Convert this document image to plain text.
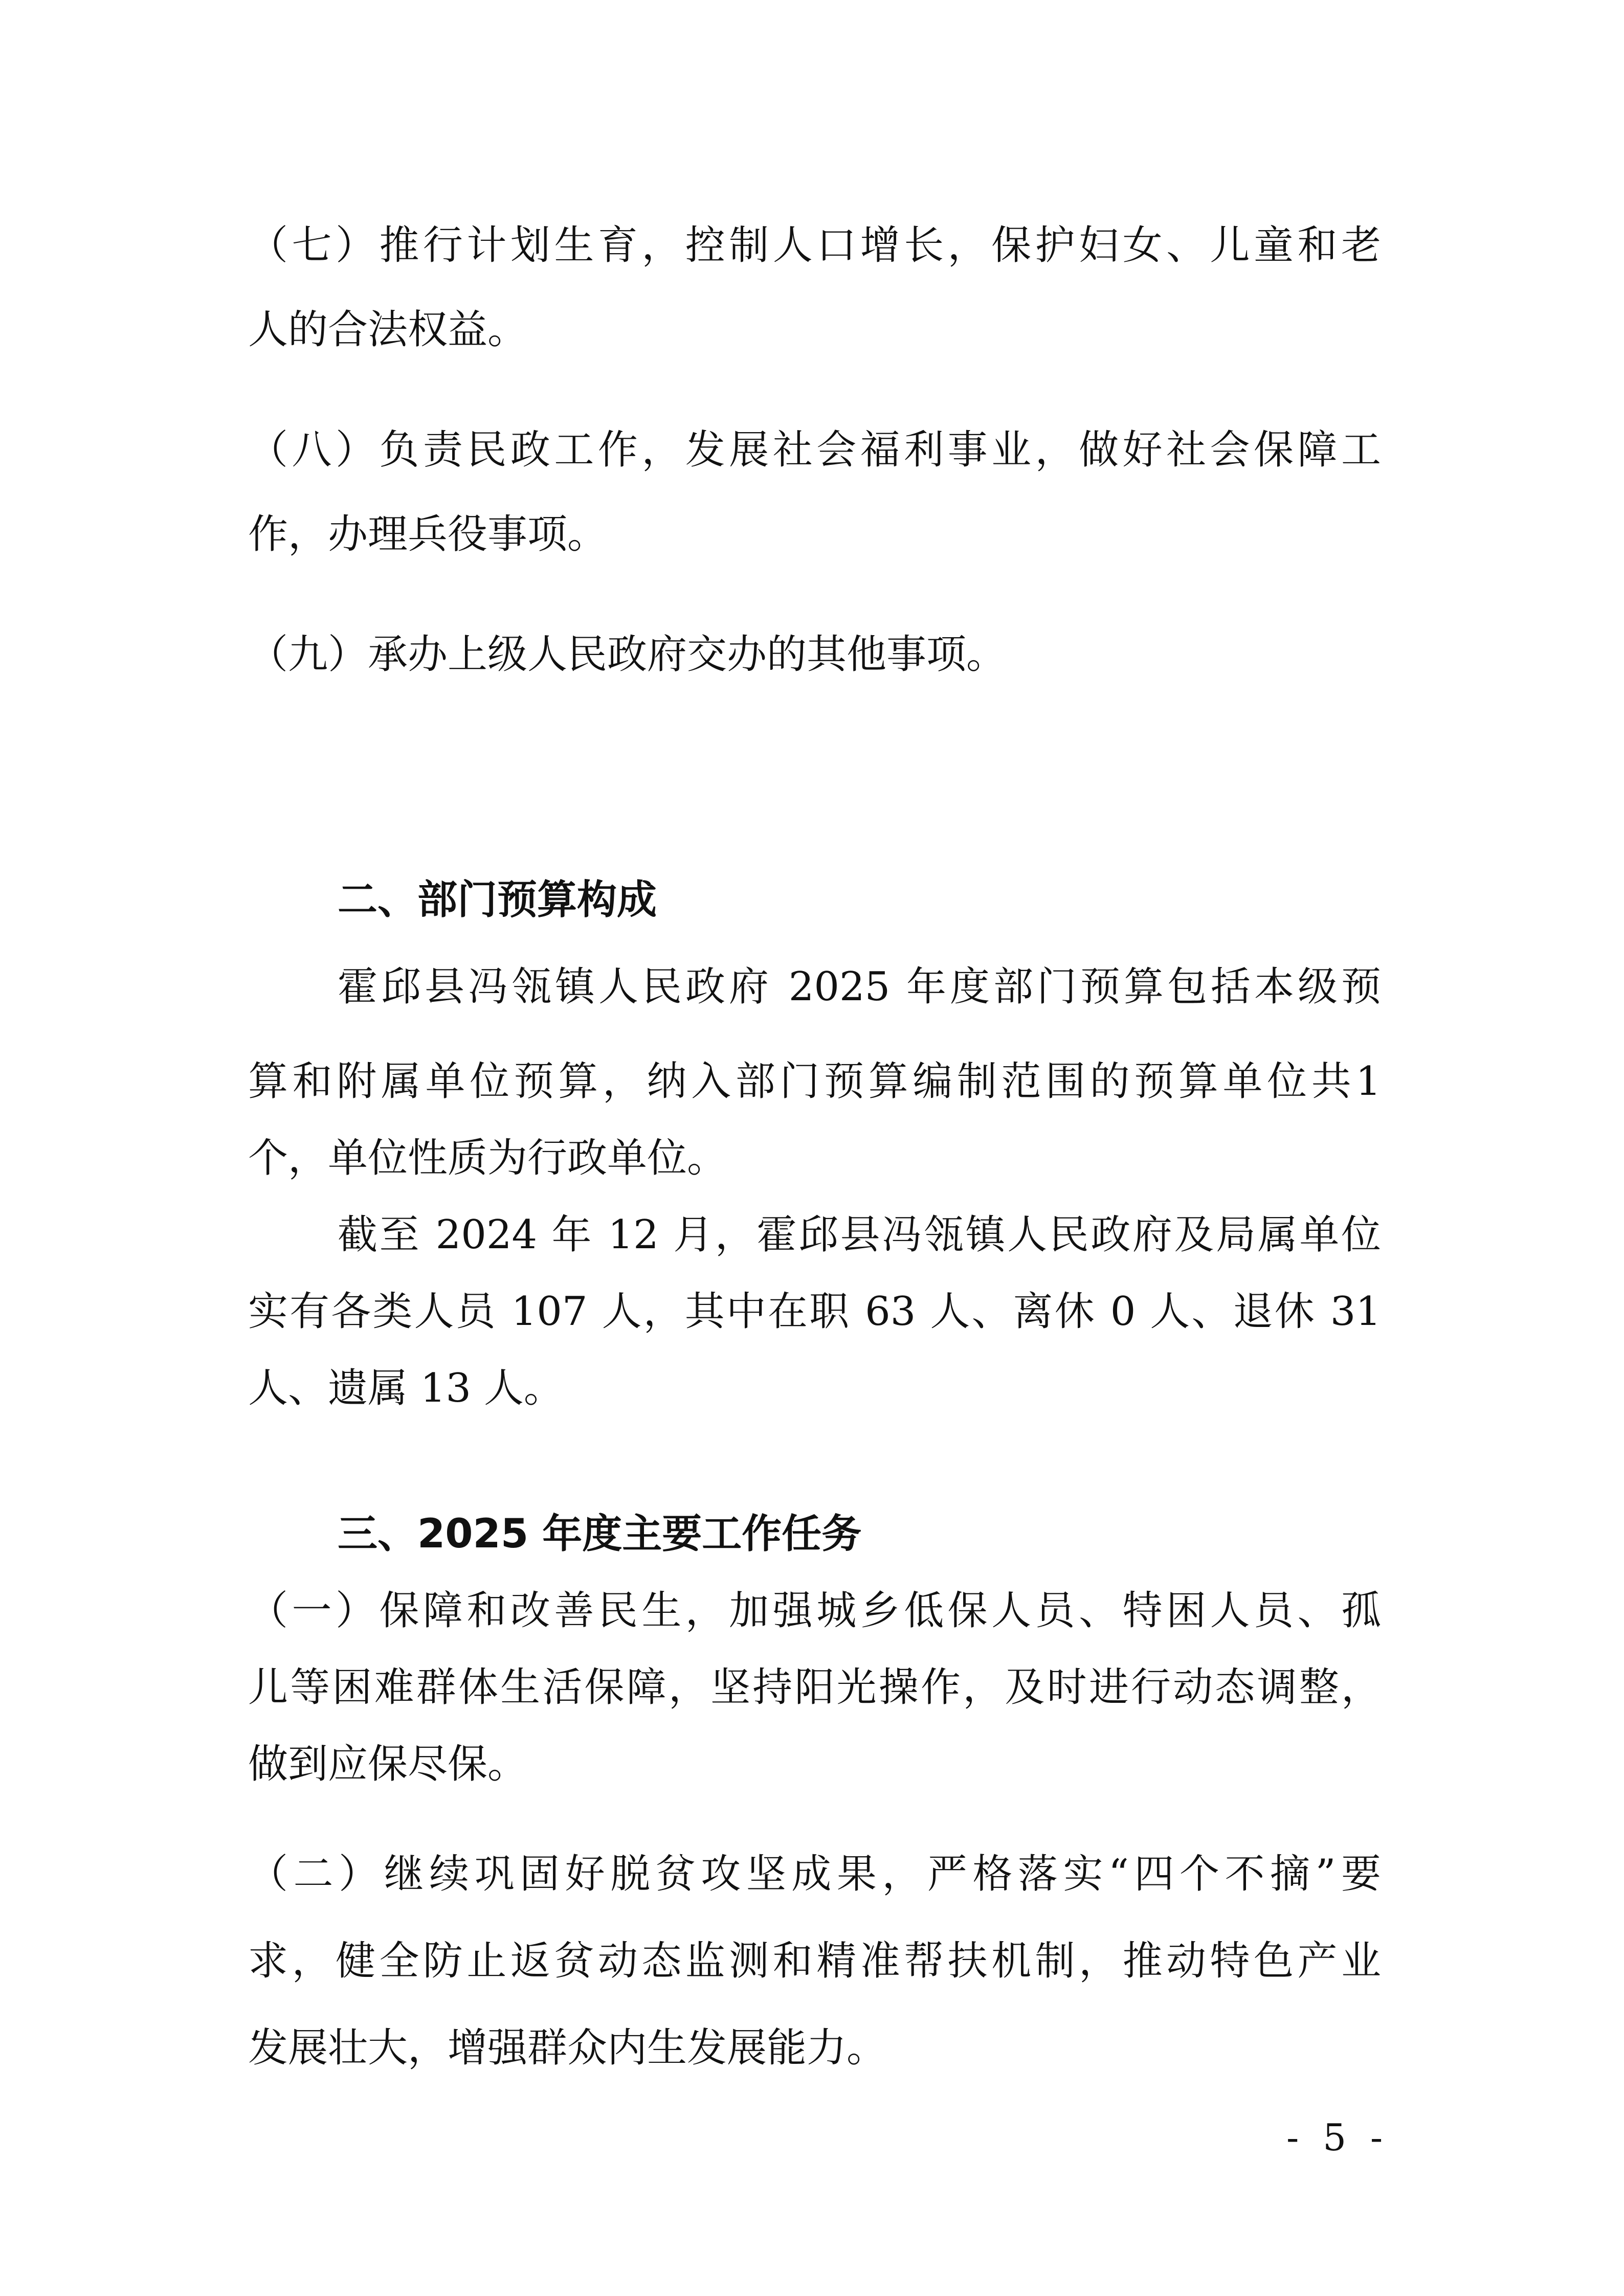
（七）推行计划生育，控制人口增长，保护妇女、儿童和老

人的合法权益。

（八）负责民政工作，发展社会福利事业，做好社会保障工

作，办理兵役事项。

（九）承办上级人民政府交办的其他事项。

二、部门预算构成

霍邱县冯瓴镇人民政府 2025 年度部门预算包括本级预

算和附属单位预算，纳入部门预算编制范围的预算单位共1

个，单位性质为行政单位。

截至 2024 年 12 月，霍邱县冯瓴镇人民政府及局属单位

实有各类人员 107 人，其中在职 63 人、离休 0 人、退休 31

人、遗属 13 人。

三、2025 年度主要工作任务

（一）保障和改善民生，加强城乡低保人员、特困人员、孤

儿等困难群体生活保障，坚持阳光操作，及时进行动态调整，

做到应保尽保。

（二）继续巩固好脱贫攻坚成果，严格落实“四个不摘”要

求，健全防止返贫动态监测和精准帮扶机制，推动特色产业

发展壮大，增强群众内生发展能力。

- 5 -
